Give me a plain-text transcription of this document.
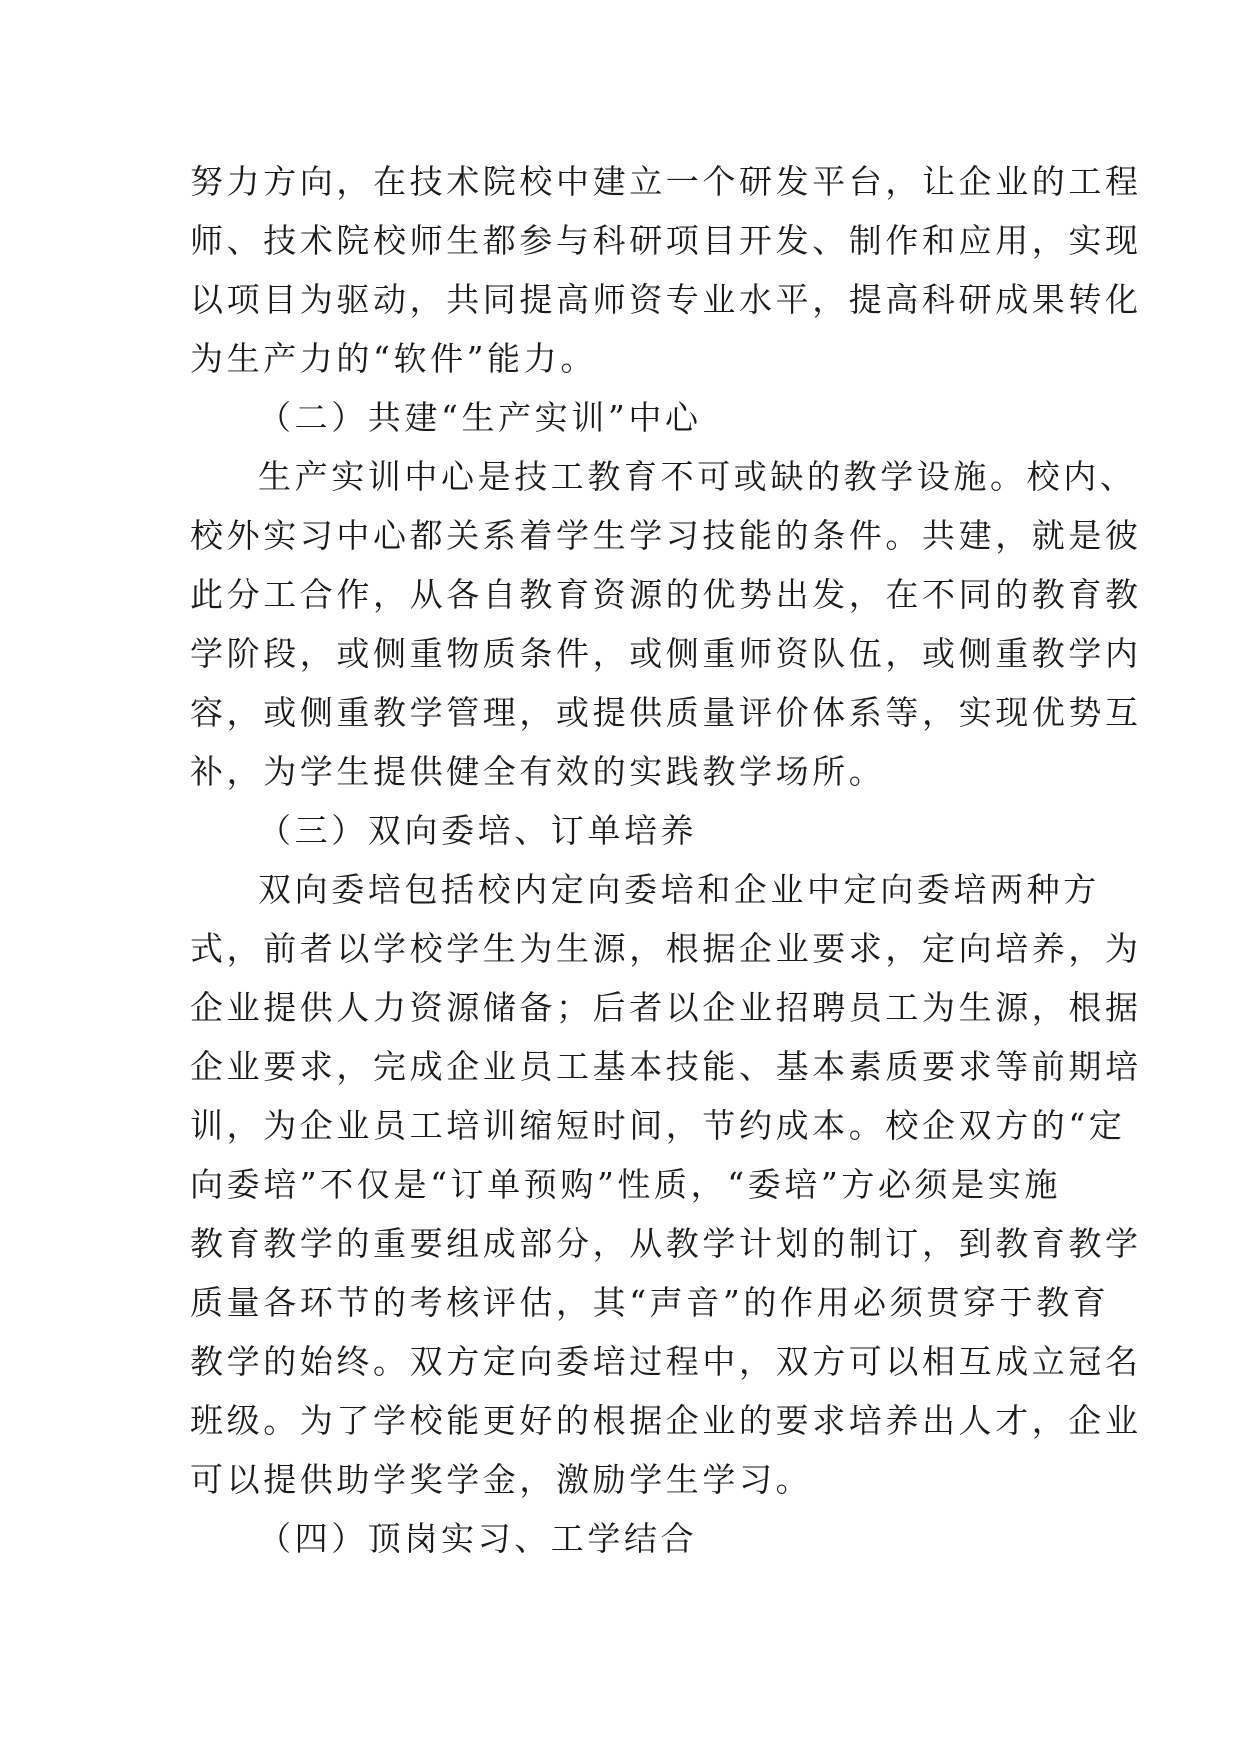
努力方向，在技术院校中建立一个研发平台，让企业的工程
师、技术院校师生都参与科研项目开发、制作和应用，实现
以项目为驱动，共同提高师资专业水平，提高科研成果转化
为生产力的“软件”能力。
（二）共建“生产实训”中心
生产实训中心是技工教育不可或缺的教学设施。校内、
校外实习中心都关系着学生学习技能的条件。共建，就是彼
此分工合作，从各自教育资源的优势出发，在不同的教育教
学阶段，或侧重物质条件，或侧重师资队伍，或侧重教学内
容，或侧重教学管理，或提供质量评价体系等，实现优势互
补，为学生提供健全有效的实践教学场所。
（三）双向委培、订单培养
双向委培包括校内定向委培和企业中定向委培两种方
式，前者以学校学生为生源，根据企业要求，定向培养，为
企业提供人力资源储备；后者以企业招聘员工为生源，根据
企业要求，完成企业员工基本技能、基本素质要求等前期培
训，为企业员工培训缩短时间，节约成本。校企双方的“定
向委培”不仅是“订单预购”性质，“委培”方必须是实施
教育教学的重要组成部分，从教学计划的制订，到教育教学
质量各环节的考核评估，其“声音”的作用必须贯穿于教育
教学的始终。双方定向委培过程中，双方可以相互成立冠名
班级。为了学校能更好的根据企业的要求培养出人才，企业
可以提供助学奖学金，激励学生学习。
（四）顶岗实习、工学结合
